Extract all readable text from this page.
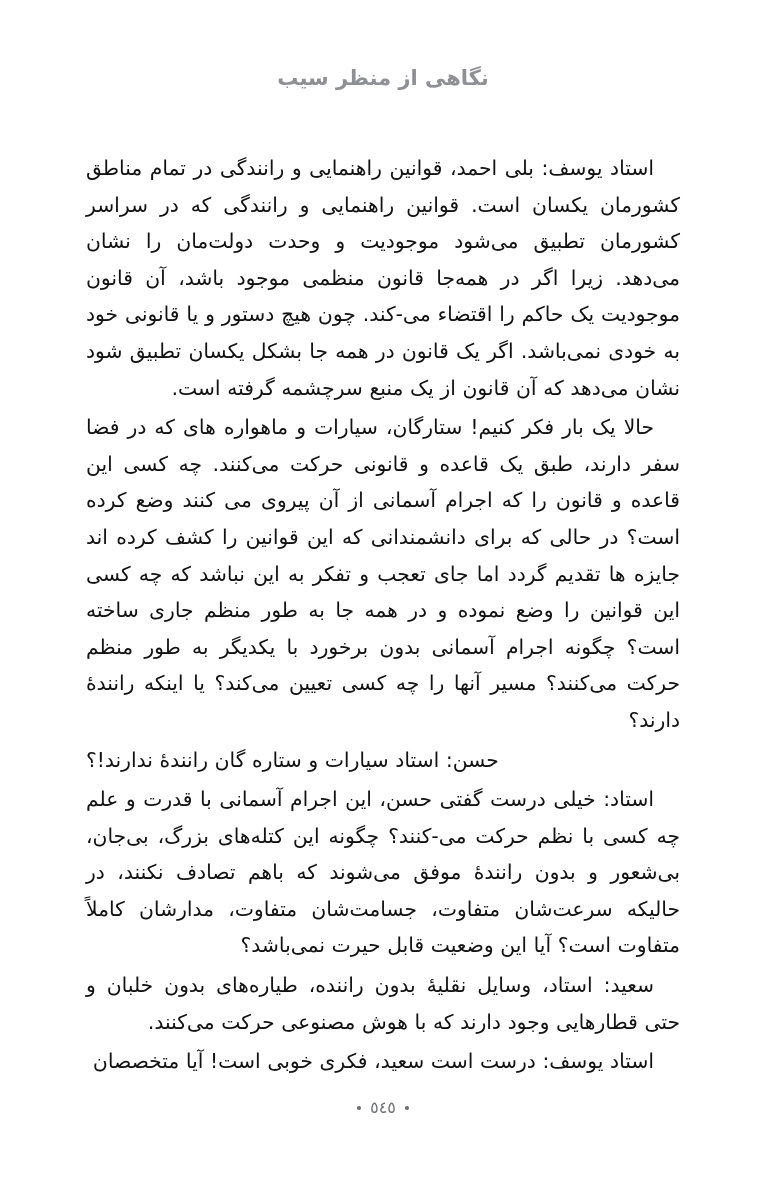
نگاهی از منظر سیب

استاد یوسف: بلی احمد، قوانین راهنمایی و رانندگی در تمام مناطق کشورمان یکسان است. قوانین راهنمایی و رانندگی که در سراسر کشورمان تطبیق می‌شود موجودیت و وحدت دولت‌مان را نشان می‌دهد. زیرا اگر در همه‌جا قانون منظمی موجود باشد، آن قانون موجودیت یک حاکم را اقتضاء می‌-کند. چون هیچ دستور و یا قانونی خود به خودی نمی‌باشد. اگر یک قانون در همه جا بشکل یکسان تطبیق شود نشان می‌دهد که آن قانون از یک منبع سرچشمه گرفته است.

حالا یک بار فکر کنیم! ستارگان، سیارات و ماهواره های که در فضا سفر دارند، طبق یک قاعده و قانونی حرکت می‌کنند. چه کسی این قاعده و قانون را که اجرام آسمانی از آن پیروی می کنند وضع کرده است؟ در حالی که برای دانشمندانی که این قوانین را کشف کرده اند جایزه ها تقدیم گردد اما جای تعجب و تفکر به این نباشد که چه کسی این قوانین را وضع نموده و در همه جا به طور منظم جاری ساخته است؟ چگونه اجرام آسمانی بدون برخورد با یکدیگر به طور منظم حرکت می‌کنند؟ مسیر آنها را چه کسی تعیین می‌کند؟ یا اینکه رانندۀ دارند؟

حسن: استاد سیارات و ستاره گان رانندۀ ندارند!؟

استاد: خیلی درست گفتی حسن، این اجرام آسمانی با قدرت و علم چه کسی با نظم حرکت می‌-کنند؟ چگونه این کتله‌های بزرگ، بی‌جان، بی‌شعور و بدون رانندۀ موفق می‌شوند که باهم تصادف نکنند، در حالیکه سرعت‌شان متفاوت، جسامت‌شان متفاوت، مدارشان کاملاً متفاوت است؟ آیا این وضعیت قابل حیرت نمی‌باشد؟

سعید: استاد، وسایل نقلیۀ بدون راننده، طیاره‌های بدون خلبان و حتی قطارهایی وجود دارند که با هوش مصنوعی حرکت می‌کنند.

استاد یوسف: درست است سعید، فکری خوبی است! آیا متخصصان

٥٤٥
